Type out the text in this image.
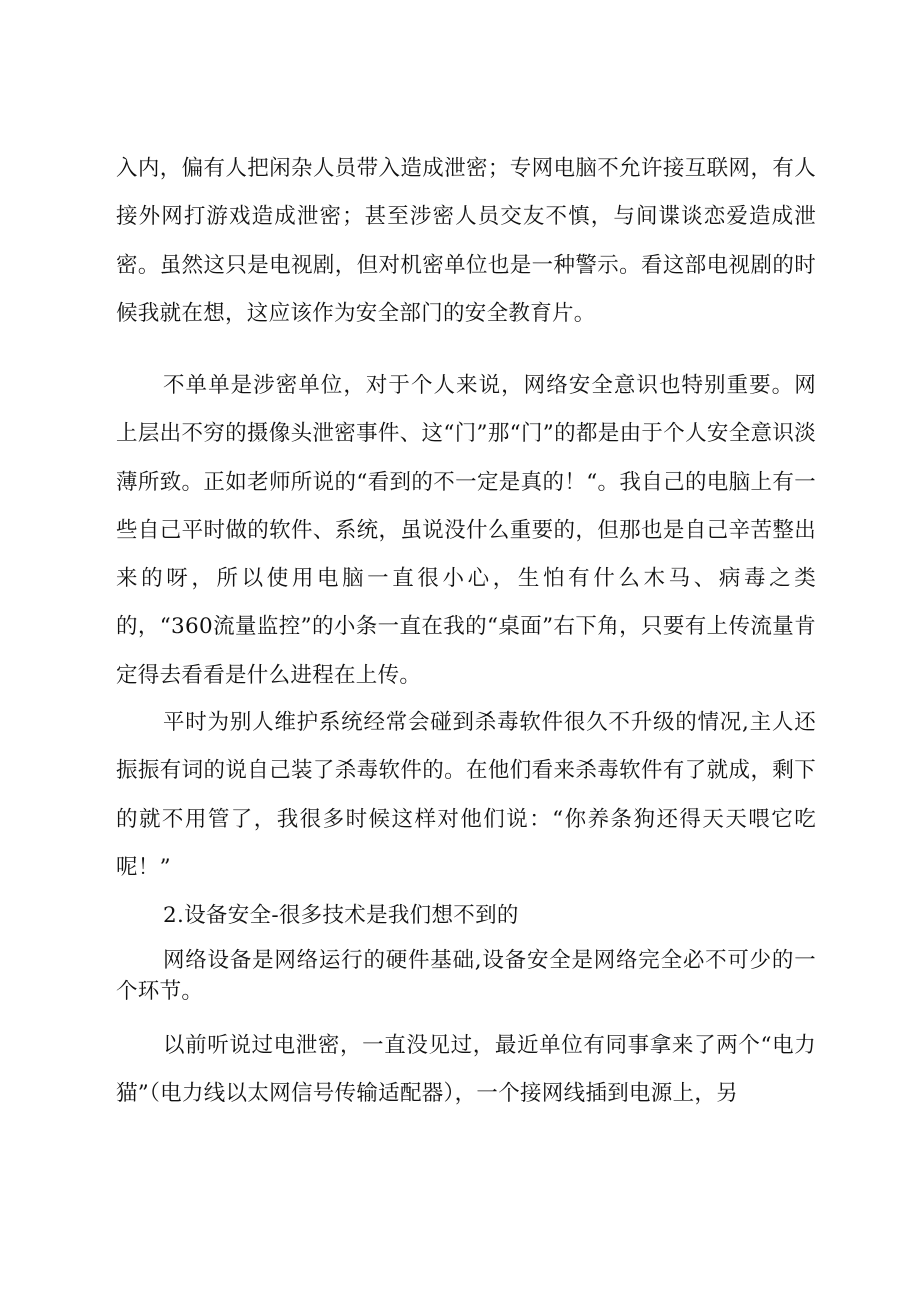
入内，偏有人把闲杂人员带入造成泄密；专网电脑不允许接互联网，有人接外网打游戏造成泄密；甚至涉密人员交友不慎，与间谍谈恋爱造成泄密。虽然这只是电视剧，但对机密单位也是一种警示。看这部电视剧的时候我就在想，这应该作为安全部门的安全教育片。

不单单是涉密单位，对于个人来说，网络安全意识也特别重要。网上层出不穷的摄像头泄密事件、这“门”那“门”的都是由于个人安全意识淡薄所致。正如老师所说的“看到的不一定是真的！“。我自己的电脑上有一些自己平时做的软件、系统，虽说没什么重要的，但那也是自己辛苦整出来的呀，所以使用电脑一直很小心，生怕有什么木马、病毒之类的，“360流量监控”的小条一直在我的“桌面”右下角，只要有上传流量肯定得去看看是什么进程在上传。

平时为别人维护系统经常会碰到杀毒软件很久不升级的情况,主人还振振有词的说自己装了杀毒软件的。在他们看来杀毒软件有了就成，剩下的就不用管了，我很多时候这样对他们说：“你养条狗还得天天喂它吃呢！”

2.设备安全-很多技术是我们想不到的

网络设备是网络运行的硬件基础,设备安全是网络完全必不可少的一个环节。

以前听说过电泄密，一直没见过，最近单位有同事拿来了两个“电力猫”（电力线以太网信号传输适配器），一个接网线插到电源上，另
